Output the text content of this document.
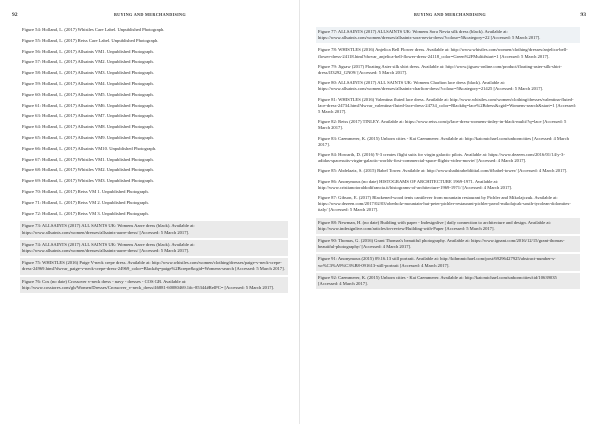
92	BUYING AND MERCHANDISING

Figure 54: Holland, L. (2017) Whistles Care Label. Unpublished Photograph.

Figure 55: Holland, L. (2017) Reiss Care Label. Unpublished Photograph.

Figure 56: Holland, L. (2017) Allsaints VM1. Unpublished Photograph.

Figure 57: Holland, L. (2017) Allsaints VM2. Unpublished Photograph.

Figure 58: Holland, L. (2017) Allsaints VM3. Unpublished Photograph.

Figure 59: Holland, L. (2017) Allsaints VM4. Unpublished Photograph.

Figure 60: Holland, L. (2017) Allsaints VM5. Unpublished Photograph.

Figure 61: Holland, L. (2017) Allsaints VM6. Unpublished Photograph.

Figure 63: Holland, L. (2017) Allsaints VM7. Unpublished Photograph.

Figure 64: Holland, L. (2017) Allsaints VM8. Unpublished Photograph.

Figure 65: Holland, L. (2017) Allsaints VM9. Unpublished Photograph.

Figure 66: Holland, L. (2017) Allsaints VM10. Unpublished Photograph.

Figure 67: Holland, L. (2017) Whistles VM1. Unpublished Photograph.

Figure 68: Holland, L. (2017) Whistles VM2. Unpublished Photograph.

Figure 69: Holland, L. (2017) Whistles VM3. Unpublished Photograph.

Figure 70: Holland, L. (2017) Reiss VM 1. Unpublished Photograph.

Figure 71: Holland, L. (2017) Reiss VM 2. Unpublished Photograph.

Figure 72: Holland, L. (2017) Reiss VM 3. Unpublished Photograph.

Figure 73: ALLSAINTS (2017) ALL SAINTS UK: Womens Aarre dress (black). Available at: https://www.allsaints.com/women/dresses/allsaints-aarre-dress/ [Accessed: 5 March 2017].

Figure 74: ALLSAINTS (2017) ALL SAINTS UK: Womens Aarre dress (black). Available at: https://www.allsaints.com/women/dresses/allsaints-aarre-dress/ [Accessed: 5 March 2017].

Figure 75: WHISTLES (2016) Paige V-neck crepe dress. Available at: http://www.whistles.com/women/clothing/dresses/paige-v-neck-crepe-dress-24969.html?dwvar_paige-v-neck-crepe-dress-24969_color=Black#q=paige%2Bcrepe&cgid=Womens-search [Accessed: 5 March 2017].

Figure 76: Cos (no date) Crossover v-neck dress - navy - dresses - COS GB. Available at: http://www.cosstores.com/gb/Women/Dresses/Crossover_v-neck_dress/46881-60080469.1#c-85344#RelPC= [Accessed: 5 March 2017].

93
BUYING AND MERCHANDISING

Figure 77: ALLSAINTS (2017) ALLSAINTS UK: Womens Sora Nevia silk dress (black). Available at: https://www.allsaints.com/women/dresses/allsaints-sora-nevia-dress/?colour=5&category=22 [Accessed: 5 March 2017].

Figure 78: WHISTLES (2016) Anjelica Bell Flower dress. Available at: http://www.whistles.com/women/clothing/dresses/anjelica-bell-flower-dress-24118.html?dwvar_anjelica-bell-flower-dress-24118_color=Green%2FMulti#start=1 [Accessed: 5 March 2017].

Figure 79: Jigsaw (2017) Floating Aster silk shirt dress. Available at: http://www.jigsaw-online.com/product/floating-aster-silk-shirt-dress/JJ3292_GN09/ [Accessed: 5 March 2017].

Figure 80: ALLSAINTS (2017) ALL SAINTS UK: Womens Charlton lace dress (black). Available at: https://www.allsaints.com/women/dresses/allsaints-charlton-dress/?colour=5&category=21425 [Accessed: 5 March 2017].

Figure 81: WHISTLES (2016) Valentina fluted lace dress. Available at: http://www.whistles.com/women/clothing/dresses/valentina-fluted-lace-dress-24734.html?dwvar_valentina-fluted-lace-dress-24734_color=Black#q=lace%2Bdress&cgid=Womens-search&start=1 [Accessed: 5 March 2017].

Figure 82: Reiss (2017) TINLEY. Available at: https://www.reiss.com/p/lace-dress-womens-tinley-in-black-multi/?q=lace [Accessed: 5 March 2017].

Figure 83: Caemmerer, K. (2015) Unborn cities - Kai Caemmerer. Available at: http://kaicmichael.com/unborncities [Accessed: 4 March 2017].

Figure 84: Howarth, D. (2016) Y-3 creates flight suits for virgin galactic pilots. Available at: https://www.dezeen.com/2016/01/14/y-3-adidas-spacesuits-virgin-galactic-worlds-first-commercial-space-flights-video-movie/ [Accessed: 4 March 2017].

Figure 85: Abdelaziz, S. (2015) Babel Tower. Available at: http://www.shathirabeldiittal.com/#/babel-tower/ [Accessed: 4 March 2017].

Figure 86: Anonymous (no date) HISTOGRAMS OF ARCHITECTURE 1969-1971. Available at: http://www.cristianotoraldodifrancia.it/histograms-of-architecture-1969-1971/ [Accessed: 4 March 2017].

Figure 87: Gibson, E. (2017) Blackened-wood tents cantilever from mountain restaurant by Pichler and Mikolajczuk. Available at: https://www.dezeen.com/2017/02/03/oberholz-mountain-hut-peter-pichler-restaurant-pichler-pavol-mikolajcak-south-tyrolean-dolomites-italy/ [Accessed: 5 March 2017].

Figure 88: Newman, H. (no date) Building with paper - Indesignlive | daily connection to architecture and design. Available at: http://www.indesignlive.com/articles/in-review/Building-with-Paper [Accessed: 5 March 2017].

Figure 90: Thomas, G. (2016) Grant Thomas's beautiful photography. Available at: https://www.ignant.com/2016/12/15/grant-thomas-beautiful-photography/ [Accessed: 4 March 2017].

Figure 91: Anonymous (2015) 09.16.13 still portrait. Available at: http://kihmmichael.com/post/69296427925/abstract-number-s-wr%C3%A9%C3%B8-091613-still-portrait [Accessed: 4 March 2017].

Figure 92: Caemmerer, K. (2015) Unborn cities - Kai Caemmerer. Available at: http://kaicmichael.com/unborncities/tid/10639035 [Accessed: 4 March 2017].
